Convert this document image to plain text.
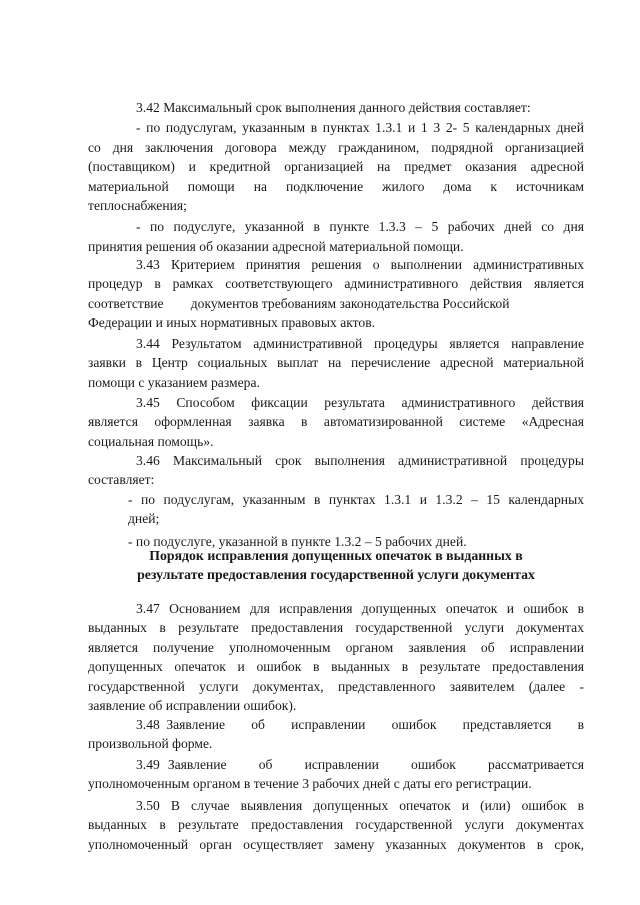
3.42 Максимальный срок выполнения данного действия составляет:
- по подуслугам, указанным в пунктах 1.3.1 и 1 3 2- 5 календарных дней
со дня заключения договора между гражданином, подрядной организацией
(поставщиком) и кредитной организацией на предмет оказания адресной
материальной помощи на подключение жилого дома к источникам
теплоснабжения;
- по подуслуге, указанной в пункте 1.3.3 – 5 рабочих дней со дня
принятия решения об оказании адресной материальной помощи.
3.43 Критерием принятия решения о выполнении административных
процедур в рамках соответствующего административного действия является
соответствие        документов требованиям законодательства Российской
Федерации и иных нормативных правовых актов.
3.44 Результатом административной процедуры является направление
заявки в Центр социальных выплат на перечисление адресной материальной
помощи с указанием размера.
3.45 Способом фиксации результата административного действия
является оформленная заявка в автоматизированной системе «Адресная
социальная помощь».
3.46 Максимальный срок выполнения административной процедуры
составляет:
- по подуслугам, указанным в пунктах 1.3.1 и 1.3.2 – 15 календарных
дней;
- по подуслуге, указанной в пункте 1.3.2 – 5 рабочих дней.
Порядок исправления допущенных опечаток в выданных в
результате предоставления государственной услуги документах
3.47 Основанием для исправления допущенных опечаток и ошибок в
выданных в результате предоставления государственной услуги документах
является получение уполномоченным органом заявления об исправлении
допущенных опечаток и ошибок в выданных в результате предоставления
государственной услуги документах, представленного заявителем (далее -
заявление об исправлении ошибок).
3.48 Заявление    об    исправлении    ошибок    представляется    в
произвольной форме.
3.49 Заявление    об    исправлении    ошибок    рассматривается
уполномоченным органом в течение 3 рабочих дней с даты его регистрации.
3.50 В случае выявления допущенных опечаток и (или) ошибок в
выданных в результате предоставления государственной услуги документах
уполномоченный орган осуществляет замену указанных документов в срок,
